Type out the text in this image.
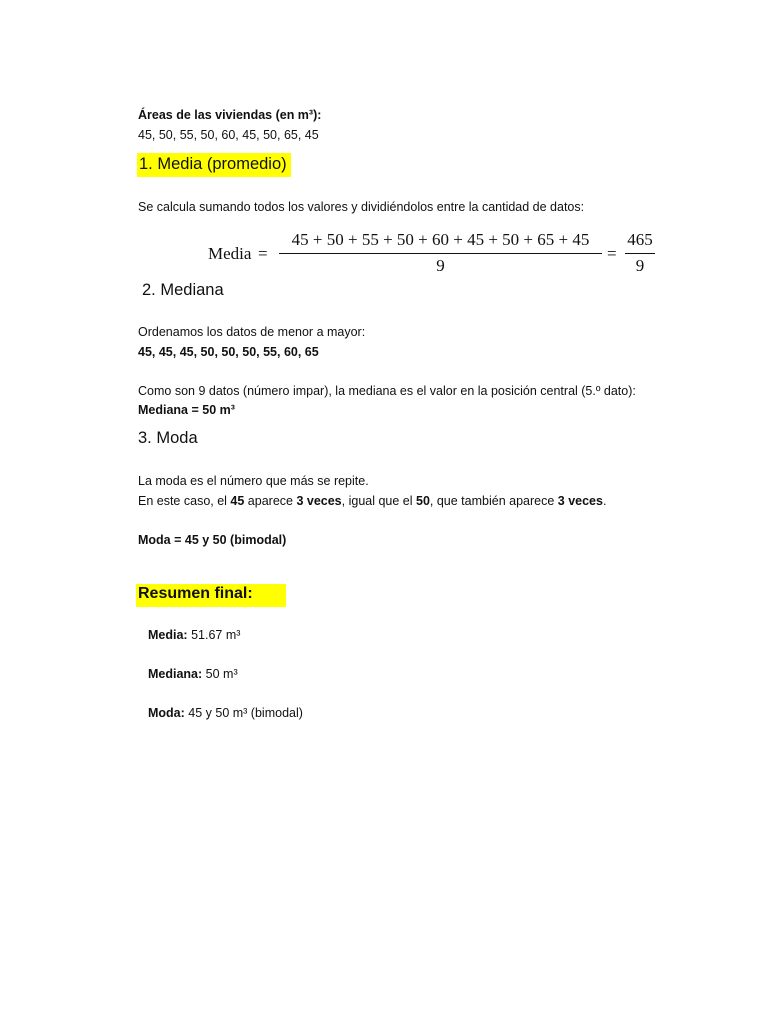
Áreas de las viviendas (en m³):
45, 50, 55, 50, 60, 45, 50, 65, 45
1. Media (promedio)
Se calcula sumando todos los valores y dividiéndolos entre la cantidad de datos:
Media =
45 + 50 + 55 + 50 + 60 + 45 + 50 + 65 + 45
9
=
465
9
2. Mediana
Ordenamos los datos de menor a mayor:
45, 45, 45, 50, 50, 50, 55, 60, 65
Como son 9 datos (número impar), la mediana es el valor en la posición central (5.º dato):
Mediana = 50 m³
3. Moda
La moda es el número que más se repite.
En este caso, el 45 aparece 3 veces, igual que el 50, que también aparece 3 veces.
Moda = 45 y 50 (bimodal)
Resumen final:
Media: 51.67 m³
Mediana: 50 m³
Moda: 45 y 50 m³ (bimodal)
